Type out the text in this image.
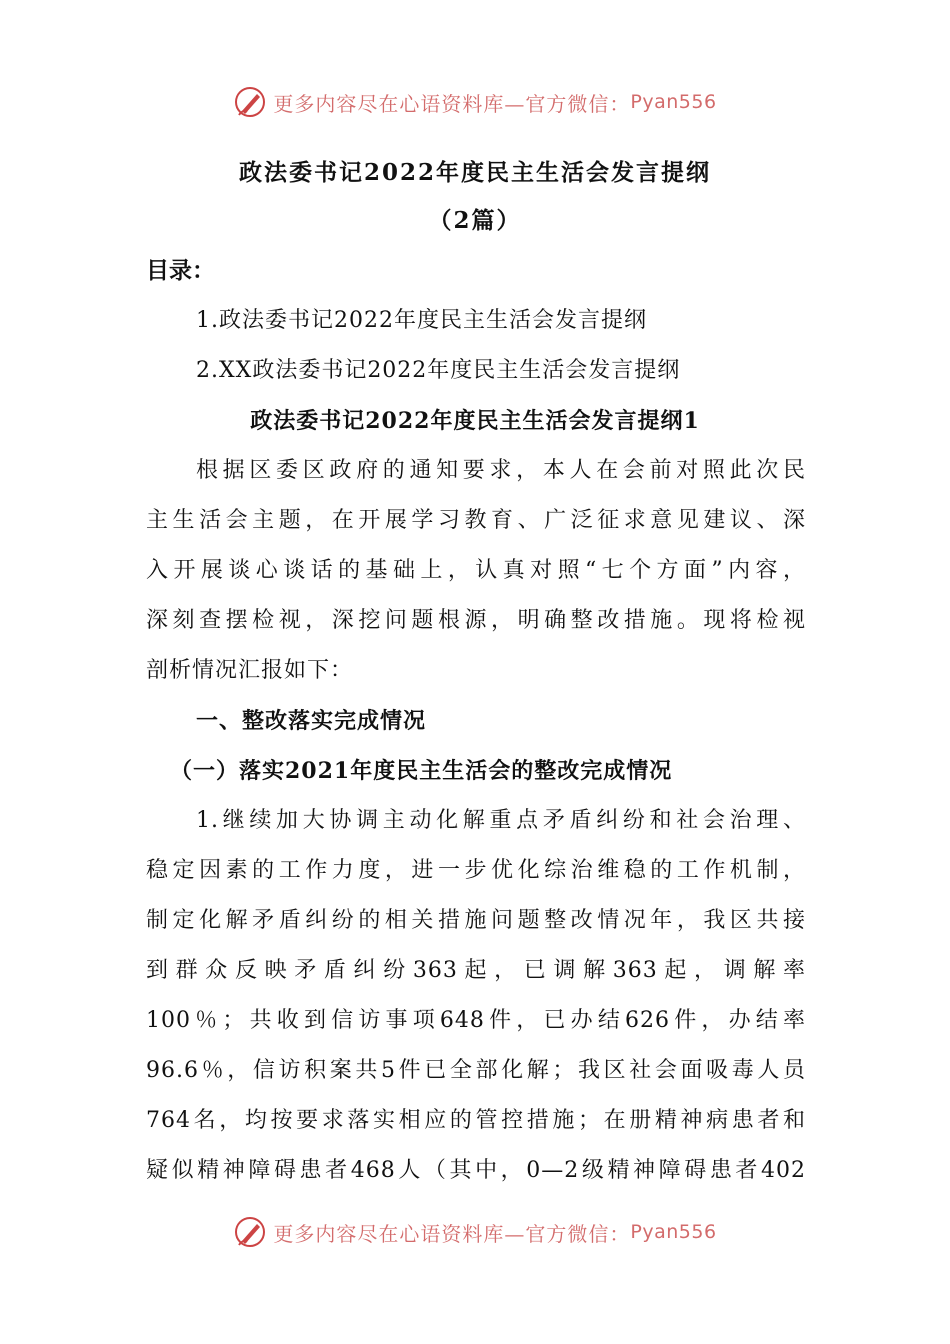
更多内容尽在心语资料库—官方微信： Pyan556
政法委书记2022年度民主生活会发言提纲
（2篇）
目录：
1.政法委书记2022年度民主生活会发言提纲
2.XX政法委书记2022年度民主生活会发言提纲
政法委书记2022年度民主生活会发言提纲1
根据区委区政府的通知要求，本人在会前对照此次民
主生活会主题，在开展学习教育、广泛征求意见建议、深
入开展谈心谈话的基础上，认真对照“七个方面”内容，
深刻查摆检视，深挖问题根源，明确整改措施。现将检视
剖析情况汇报如下：
一、整改落实完成情况
（一）落实2021年度民主生活会的整改完成情况
1.继续加大协调主动化解重点矛盾纠纷和社会治理、
稳定因素的工作力度，进一步优化综治维稳的工作机制，
制定化解矛盾纠纷的相关措施问题整改情况年，我区共接
到群众反映矛盾纠纷363起，已调解363起，调解率
100％；共收到信访事项648件，已办结626件，办结率
96.6％，信访积案共5件已全部化解；我区社会面吸毒人员
764名，均按要求落实相应的管控措施；在册精神病患者和
疑似精神障碍患者468人（其中，0—2级精神障碍患者402
更多内容尽在心语资料库—官方微信： Pyan556
